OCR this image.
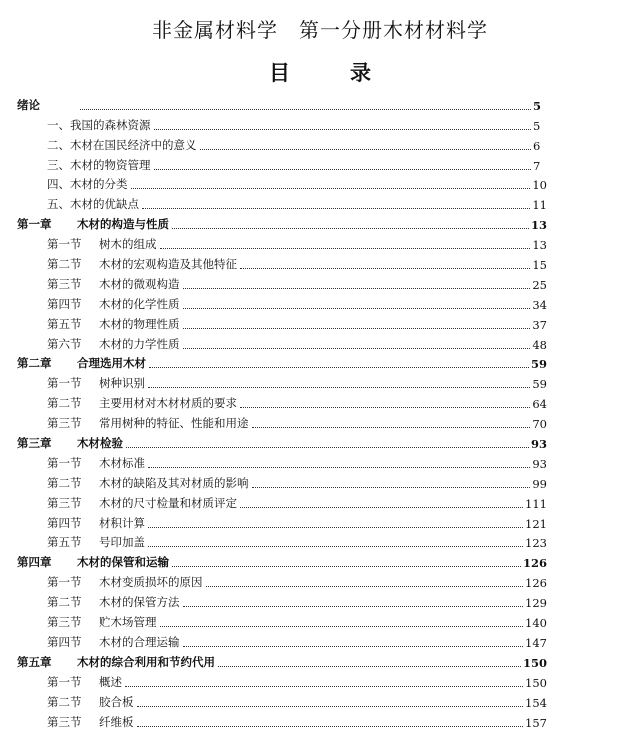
非金属材料学　第一分册木材材料学
目	录
绪论	5
一、我国的森林资源	5
二、木材在国民经济中的意义	6
三、木材的物资管理	7
四、木材的分类	10
五、木材的优缺点	11
第一章 木材的构造与性质	13
第一节 树木的组成	13
第二节 木材的宏观构造及其他特征	15
第三节 木材的微观构造	25
第四节 木材的化学性质	34
第五节 木材的物理性质	37
第六节 木材的力学性质	48
第二章 合理选用木材	59
第一节 树种识别	59
第二节 主要用材对木材材质的要求	64
第三节 常用树种的特征、性能和用途	70
第三章 木材检验	93
第一节 木材标准	93
第二节 木材的缺陷及其对材质的影响	99
第三节 木材的尺寸检量和材质评定	111
第四节 材积计算	121
第五节 号印加盖	123
第四章 木材的保管和运输	126
第一节 木材变质损坏的原因	126
第二节 木材的保管方法	129
第三节 贮木场管理	140
第四节 木材的合理运输	147
第五章 木材的综合利用和节约代用	150
第一节 概述	150
第二节 胶合板	154
第三节 纤维板	157
